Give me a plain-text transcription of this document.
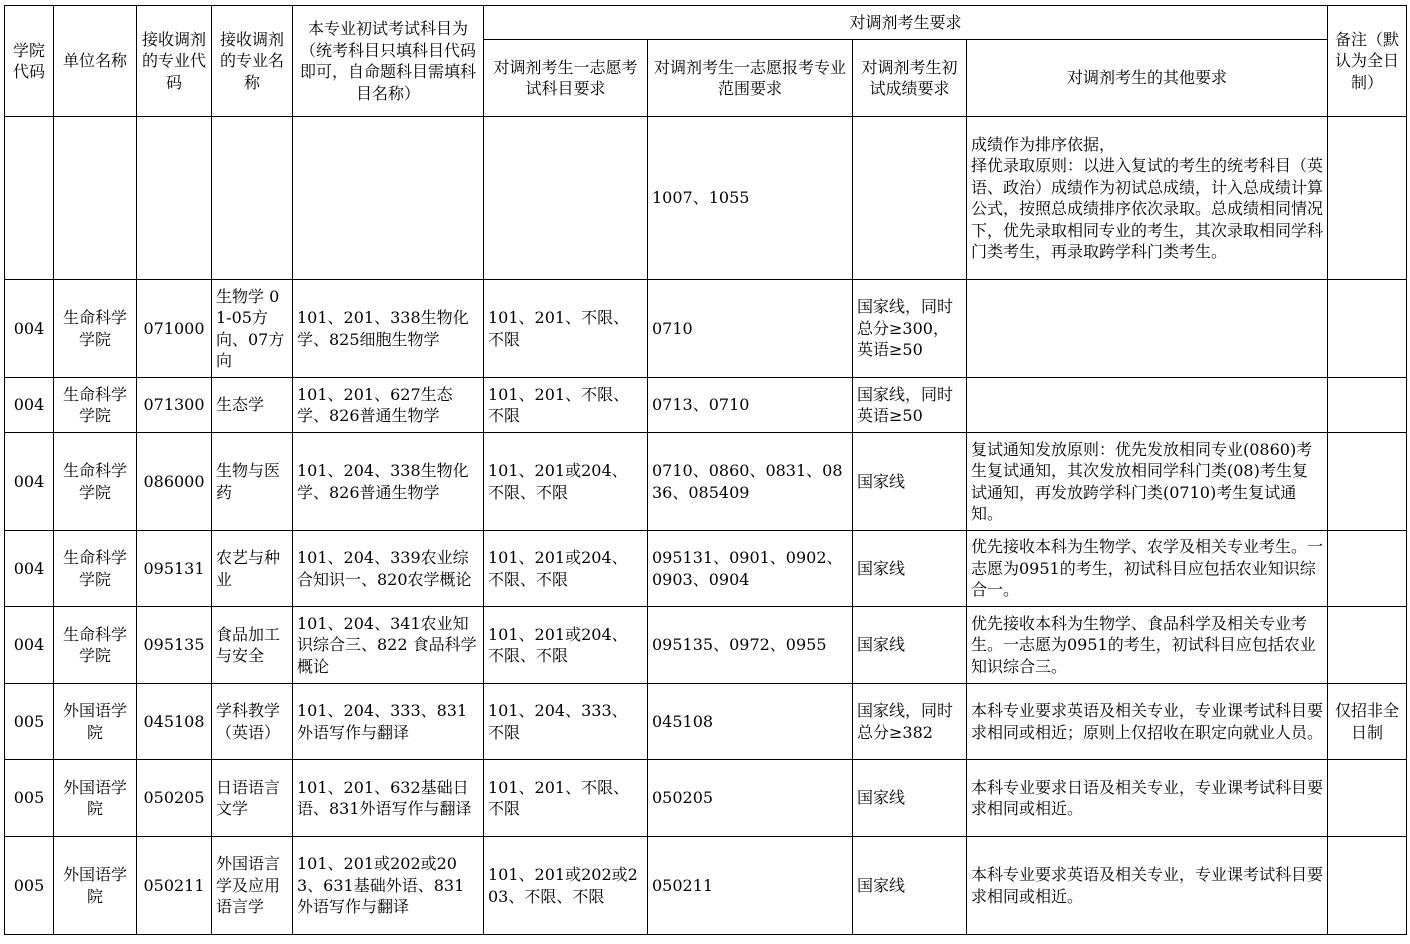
学院代码	单位名称	接收调剂的专业代码	接收调剂的专业名称	本专业初试考试科目为（统考科目只填科目代码即可，自命题科目需填科目名称）	对调剂考生要求				备注（默认为全日制）
					对调剂考生一志愿考试科目要求	对调剂考生一志愿报考专业范围要求	对调剂考生初试成绩要求	对调剂考生的其他要求	
						1007、1055		成绩作为排序依据，
择优录取原则：以进入复试的考生的统考科目（英语、政治）成绩作为初试总成绩，计入总成绩计算公式，按照总成绩排序依次录取。总成绩相同情况下，优先录取相同专业的考生，其次录取相同学科门类考生，再录取跨学科门类考生。	
004	生命科学学院	071000	生物学 01-05方向、07方向	101、201、338生物化学、825细胞生物学	101、201、不限、不限	0710	国家线，同时总分≥300，英语≥50		
004	生命科学学院	071300	生态学	101、201、627生态学、826普通生物学	101、201、不限、不限	0713、0710	国家线，同时英语≥50		
004	生命科学学院	086000	生物与医药	101、204、338生物化学、826普通生物学	101、201或204、不限、不限	0710、0860、0831、0836、085409	国家线	复试通知发放原则：优先发放相同专业(0860)考生复试通知，其次发放相同学科门类(08)考生复试通知，再发放跨学科门类(0710)考生复试通知。	
004	生命科学学院	095131	农艺与种业	101、204、339农业综合知识一、820农学概论	101、201或204、不限、不限	095131、0901、0902、0903、0904	国家线	优先接收本科为生物学、农学及相关专业考生。一志愿为0951的考生，初试科目应包括农业知识综合一。	
004	生命科学学院	095135	食品加工与安全	101、204、341农业知识综合三、822 食品科学概论	101、201或204、不限、不限	095135、0972、0955	国家线	优先接收本科为生物学、食品科学及相关专业考生。一志愿为0951的考生，初试科目应包括农业知识综合三。	
005	外国语学院	045108	学科教学（英语）	101、204、333、831外语写作与翻译	101、204、333、不限	045108	国家线，同时总分≥382	本科专业要求英语及相关专业，专业课考试科目要求相同或相近；原则上仅招收在职定向就业人员。	仅招非全日制
005	外国语学院	050205	日语语言文学	101、201、632基础日语、831外语写作与翻译	101、201、不限、不限	050205	国家线	本科专业要求日语及相关专业，专业课考试科目要求相同或相近。	
005	外国语学院	050211	外国语言学及应用语言学	101、201或202或203、631基础外语、831外语写作与翻译	101、201或202或203、不限、不限	050211	国家线	本科专业要求英语及相关专业，专业课考试科目要求相同或相近。	
